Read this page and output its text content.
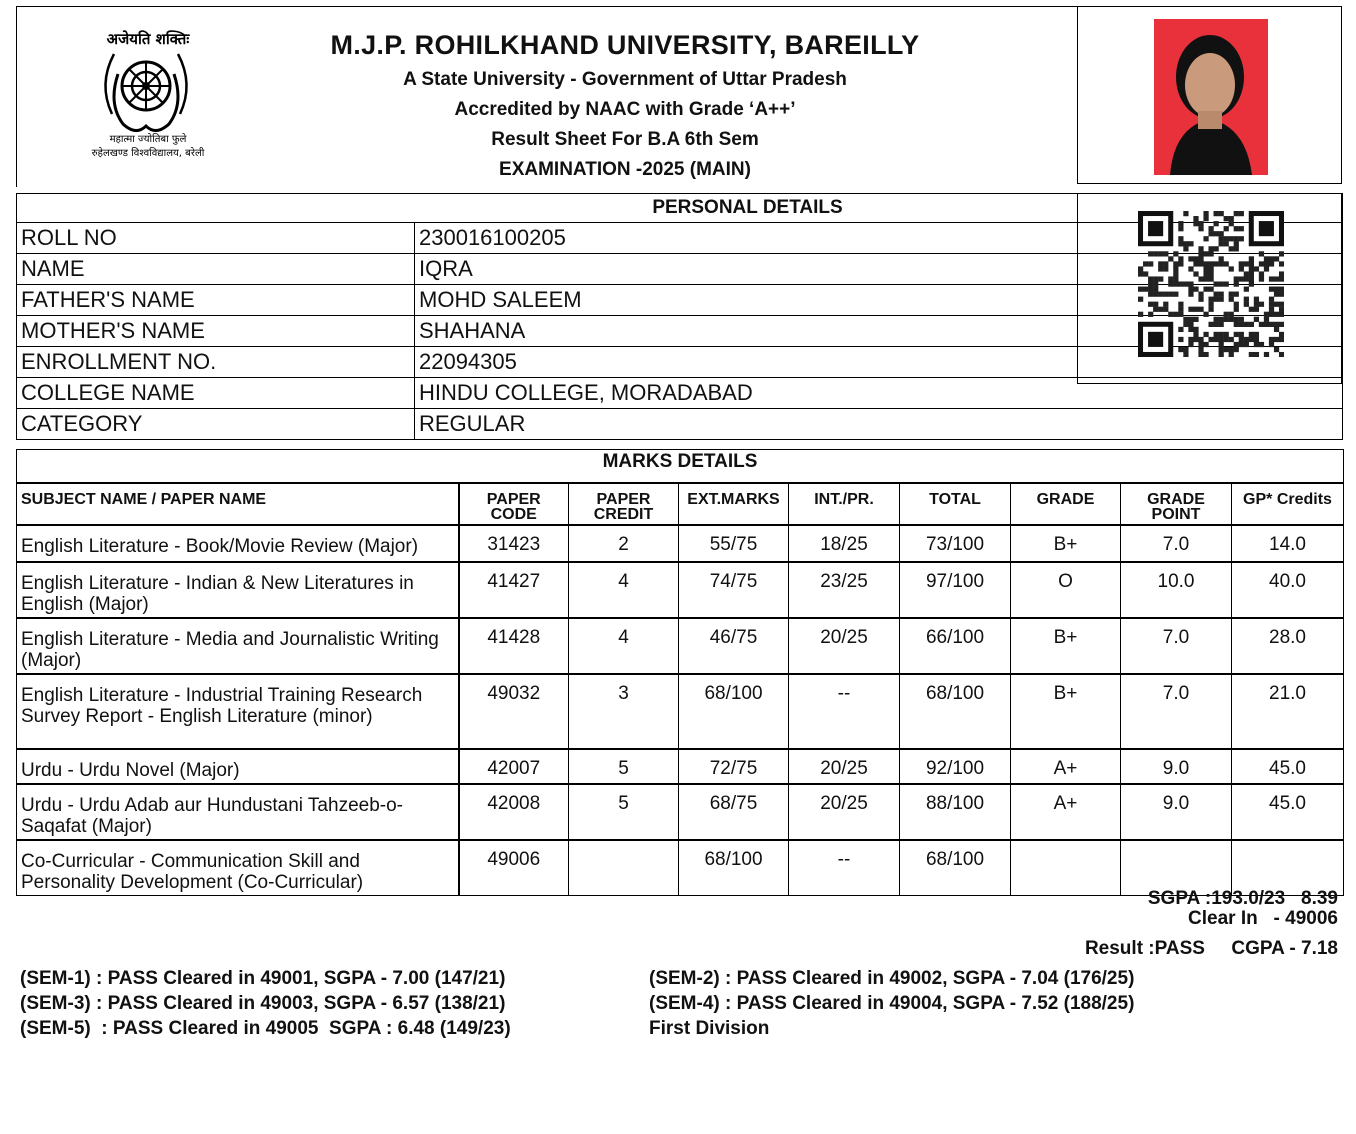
अजेयति शक्तिः
महात्मा ज्योतिबा फुले
रुहेलखण्ड विश्वविद्यालय, बरेली
M.J.P. ROHILKHAND UNIVERSITY, BAREILLY
A State University - Government of Uttar Pradesh
Accredited by NAAC with Grade ‘A++’
Result Sheet For B.A 6th Sem
EXAMINATION -2025 (MAIN)
PERSONAL DETAILS	
ROLL NO	230016100205
NAME	IQRA
FATHER'S NAME	MOHD SALEEM
MOTHER'S NAME	SHAHANA
ENROLLMENT NO.	22094305
COLLEGE NAME	HINDU COLLEGE, MORADABAD
CATEGORY	REGULAR
MARKS DETAILS								
SUBJECT NAME / PAPER NAME	PAPER CODE	PAPER CREDIT	EXT.MARKS	INT./PR.	TOTAL	GRADE	GRADE POINT	GP* Credits
English Literature - Book/Movie Review (Major)	31423	2	55/75	18/25	73/100	B+	7.0	14.0
English Literature - Indian & New Literatures in English (Major)	41427	4	74/75	23/25	97/100	O	10.0	40.0
English Literature - Media and Journalistic Writing (Major)	41428	4	46/75	20/25	66/100	B+	7.0	28.0
English Literature - Industrial Training Research Survey Report - English Literature (minor)	49032	3	68/100	--	68/100	B+	7.0	21.0
Urdu - Urdu Novel (Major)	42007	5	72/75	20/25	92/100	A+	9.0	45.0
Urdu - Urdu Adab aur Hundustani Tahzeeb-o-Saqafat (Major)	42008	5	68/75	20/25	88/100	A+	9.0	45.0
Co-Curricular - Communication Skill and Personality Development (Co-Curricular)	49006		68/100	--	68/100			
SGPA :193.0/23   8.39
Clear In   - 49006
Result :PASS     CGPA - 7.18
(SEM-1) : PASS Cleared in 49001, SGPA - 7.00 (147/21)	(SEM-2) : PASS Cleared in 49002, SGPA - 7.04 (176/25)
(SEM-3) : PASS Cleared in 49003, SGPA - 6.57 (138/21)	(SEM-4) : PASS Cleared in 49004, SGPA - 7.52 (188/25)
(SEM-5)  : PASS Cleared in 49005  SGPA : 6.48 (149/23)	First Division
